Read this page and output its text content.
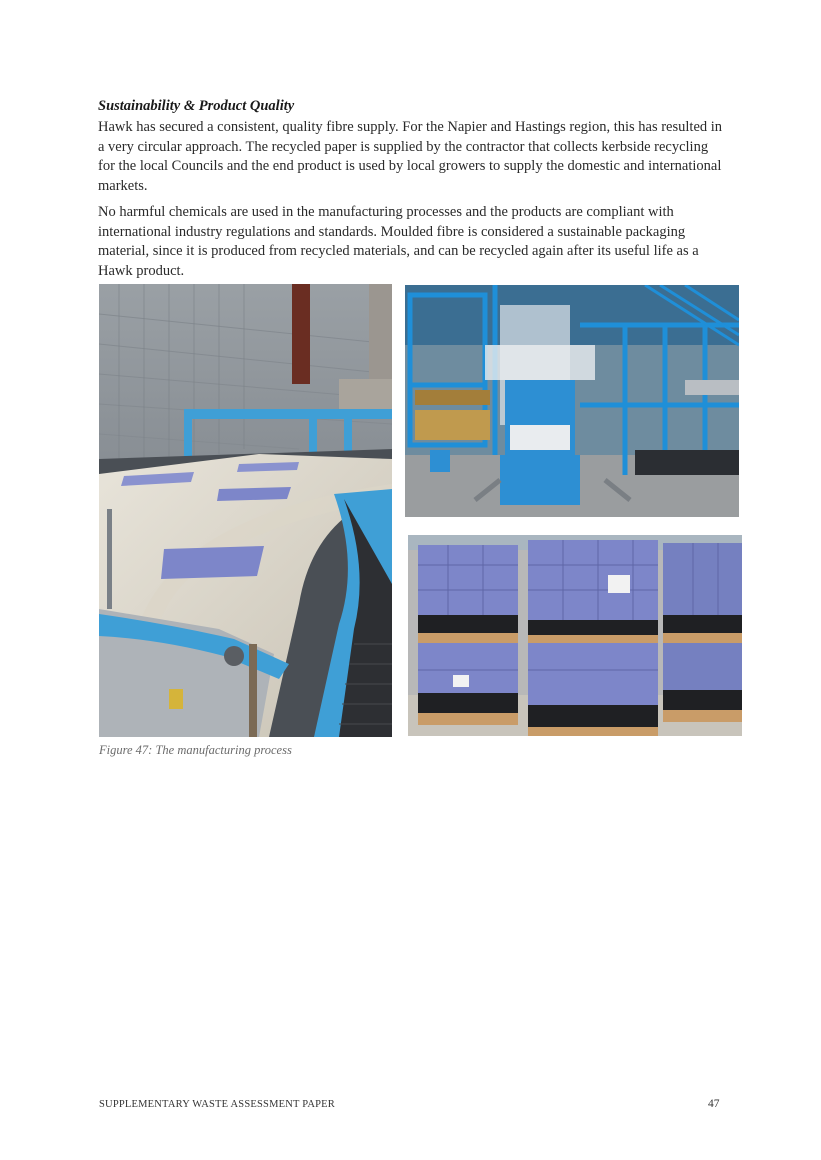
Sustainability & Product Quality

Hawk has secured a consistent, quality fibre supply. For the Napier and Hastings region, this has resulted in a very circular approach. The recycled paper is supplied by the contractor that collects kerbside recycling for the local Councils and the end product is used by local growers to supply the domestic and international markets.

No harmful chemicals are used in the manufacturing processes and the products are compliant with international industry regulations and standards. Moulded fibre is considered a sustainable packaging material, since it is produced from recycled materials, and can be recycled again after its useful life as a Hawk product.

Figure 47: The manufacturing process
SUPPLEMENTARY WASTE ASSESSMENT PAPER	47
